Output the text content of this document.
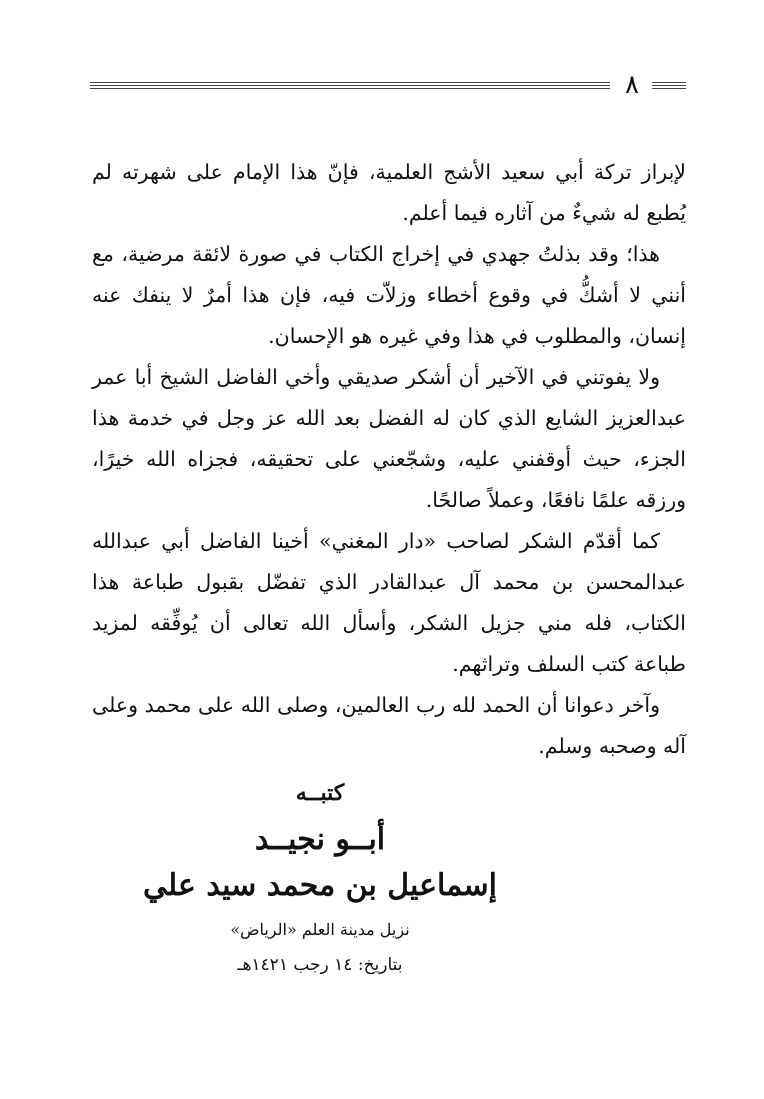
٨

لإبراز تركة أبي سعيد الأشج العلمية، فإنّ هذا الإمام على شهرته لم يُطبع له شيءٌ من آثاره فيما أعلم.

هذا؛ وقد بذلتُ جهدي في إخراج الكتاب في صورة لائقة مرضية، مع أنني لا أشكُّ في وقوع أخطاء وزلاّت فيه، فإن هذا أمرٌ لا ينفك عنه إنسان، والمطلوب في هذا وفي غيره هو الإحسان.

ولا يفوتني في الآخير أن أشكر صديقي وأخي الفاضل الشيخ أبا عمر عبدالعزيز الشايع الذي كان له الفضل بعد الله عز وجل في خدمة هذا الجزء، حيث أوقفني عليه، وشجّعني على تحقيقه، فجزاه الله خيرًا، ورزقه علمًا نافعًا، وعملاً صالحًا.

كما أقدّم الشكر لصاحب «دار المغني» أخينا الفاضل أبي عبدالله عبدالمحسن بن محمد آل عبدالقادر الذي تفضّل بقبول طباعة هذا الكتاب، فله مني جزيل الشكر، وأسأل الله تعالى أن يُوفِّقه لمزيد طباعة كتب السلف وتراثهم.

وآخر دعوانا أن الحمد لله رب العالمين، وصلى الله على محمد وعلى آله وصحبه وسلم.

كتبــه
أبــو نجيــد
إسماعيل بن محمد سيد علي
نزيل مدينة العلم «الرياض»
بتاريخ: ١٤ رجب ١٤٢١هـ
